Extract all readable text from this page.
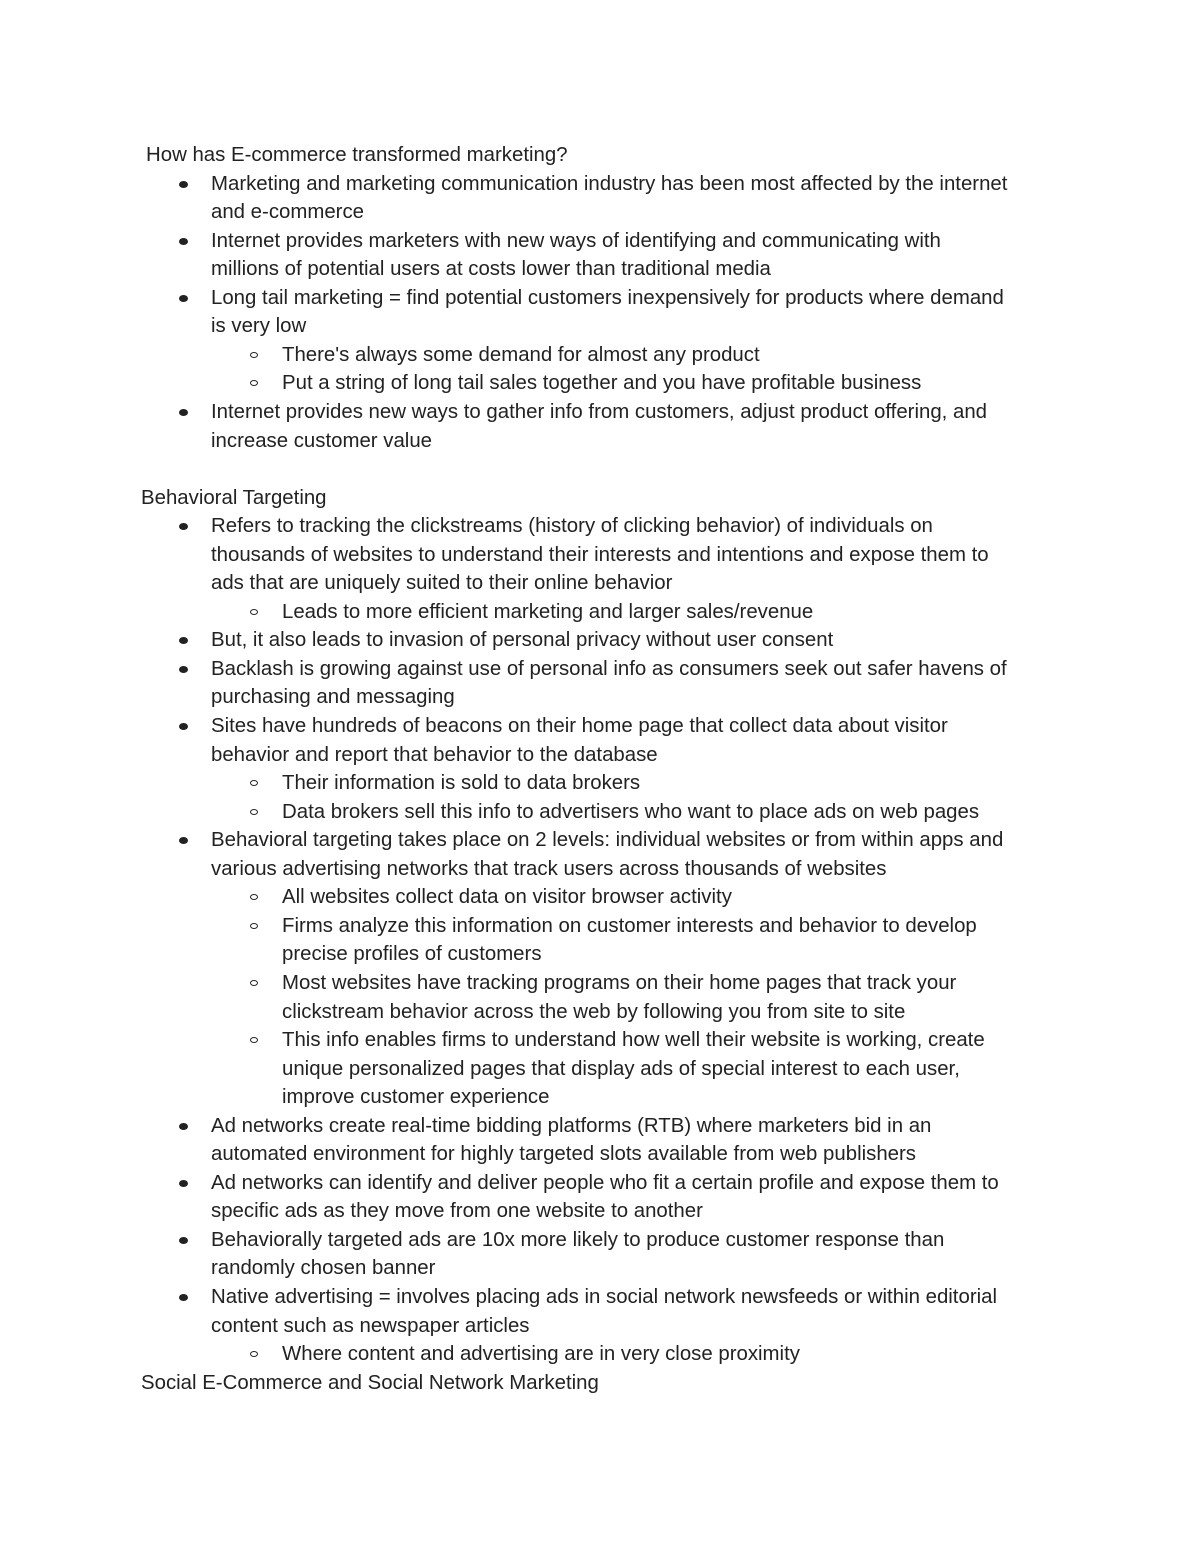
How has E-commerce transformed marketing?
Marketing and marketing communication industry has been most affected by the internet
and e-commerce
Internet provides marketers with new ways of identifying and communicating with
millions of potential users at costs lower than traditional media
Long tail marketing = find potential customers inexpensively for products where demand
is very low
There's always some demand for almost any product
Put a string of long tail sales together and you have profitable business
Internet provides new ways to gather info from customers, adjust product offering, and
increase customer value
Behavioral Targeting
Refers to tracking the clickstreams (history of clicking behavior) of individuals on
thousands of websites to understand their interests and intentions and expose them to
ads that are uniquely suited to their online behavior
Leads to more efficient marketing and larger sales/revenue
But, it also leads to invasion of personal privacy without user consent
Backlash is growing against use of personal info as consumers seek out safer havens of
purchasing and messaging
Sites have hundreds of beacons on their home page that collect data about visitor
behavior and report that behavior to the database
Their information is sold to data brokers
Data brokers sell this info to advertisers who want to place ads on web pages
Behavioral targeting takes place on 2 levels: individual websites or from within apps and
various advertising networks that track users across thousands of websites
All websites collect data on visitor browser activity
Firms analyze this information on customer interests and behavior to develop
precise profiles of customers
Most websites have tracking programs on their home pages that track your
clickstream behavior across the web by following you from site to site
This info enables firms to understand how well their website is working, create
unique personalized pages that display ads of special interest to each user,
improve customer experience
Ad networks create real-time bidding platforms (RTB) where marketers bid in an
automated environment for highly targeted slots available from web publishers
Ad networks can identify and deliver people who fit a certain profile and expose them to
specific ads as they move from one website to another
Behaviorally targeted ads are 10x more likely to produce customer response than
randomly chosen banner
Native advertising = involves placing ads in social network newsfeeds or within editorial
content such as newspaper articles
Where content and advertising are in very close proximity
Social E-Commerce and Social Network Marketing
